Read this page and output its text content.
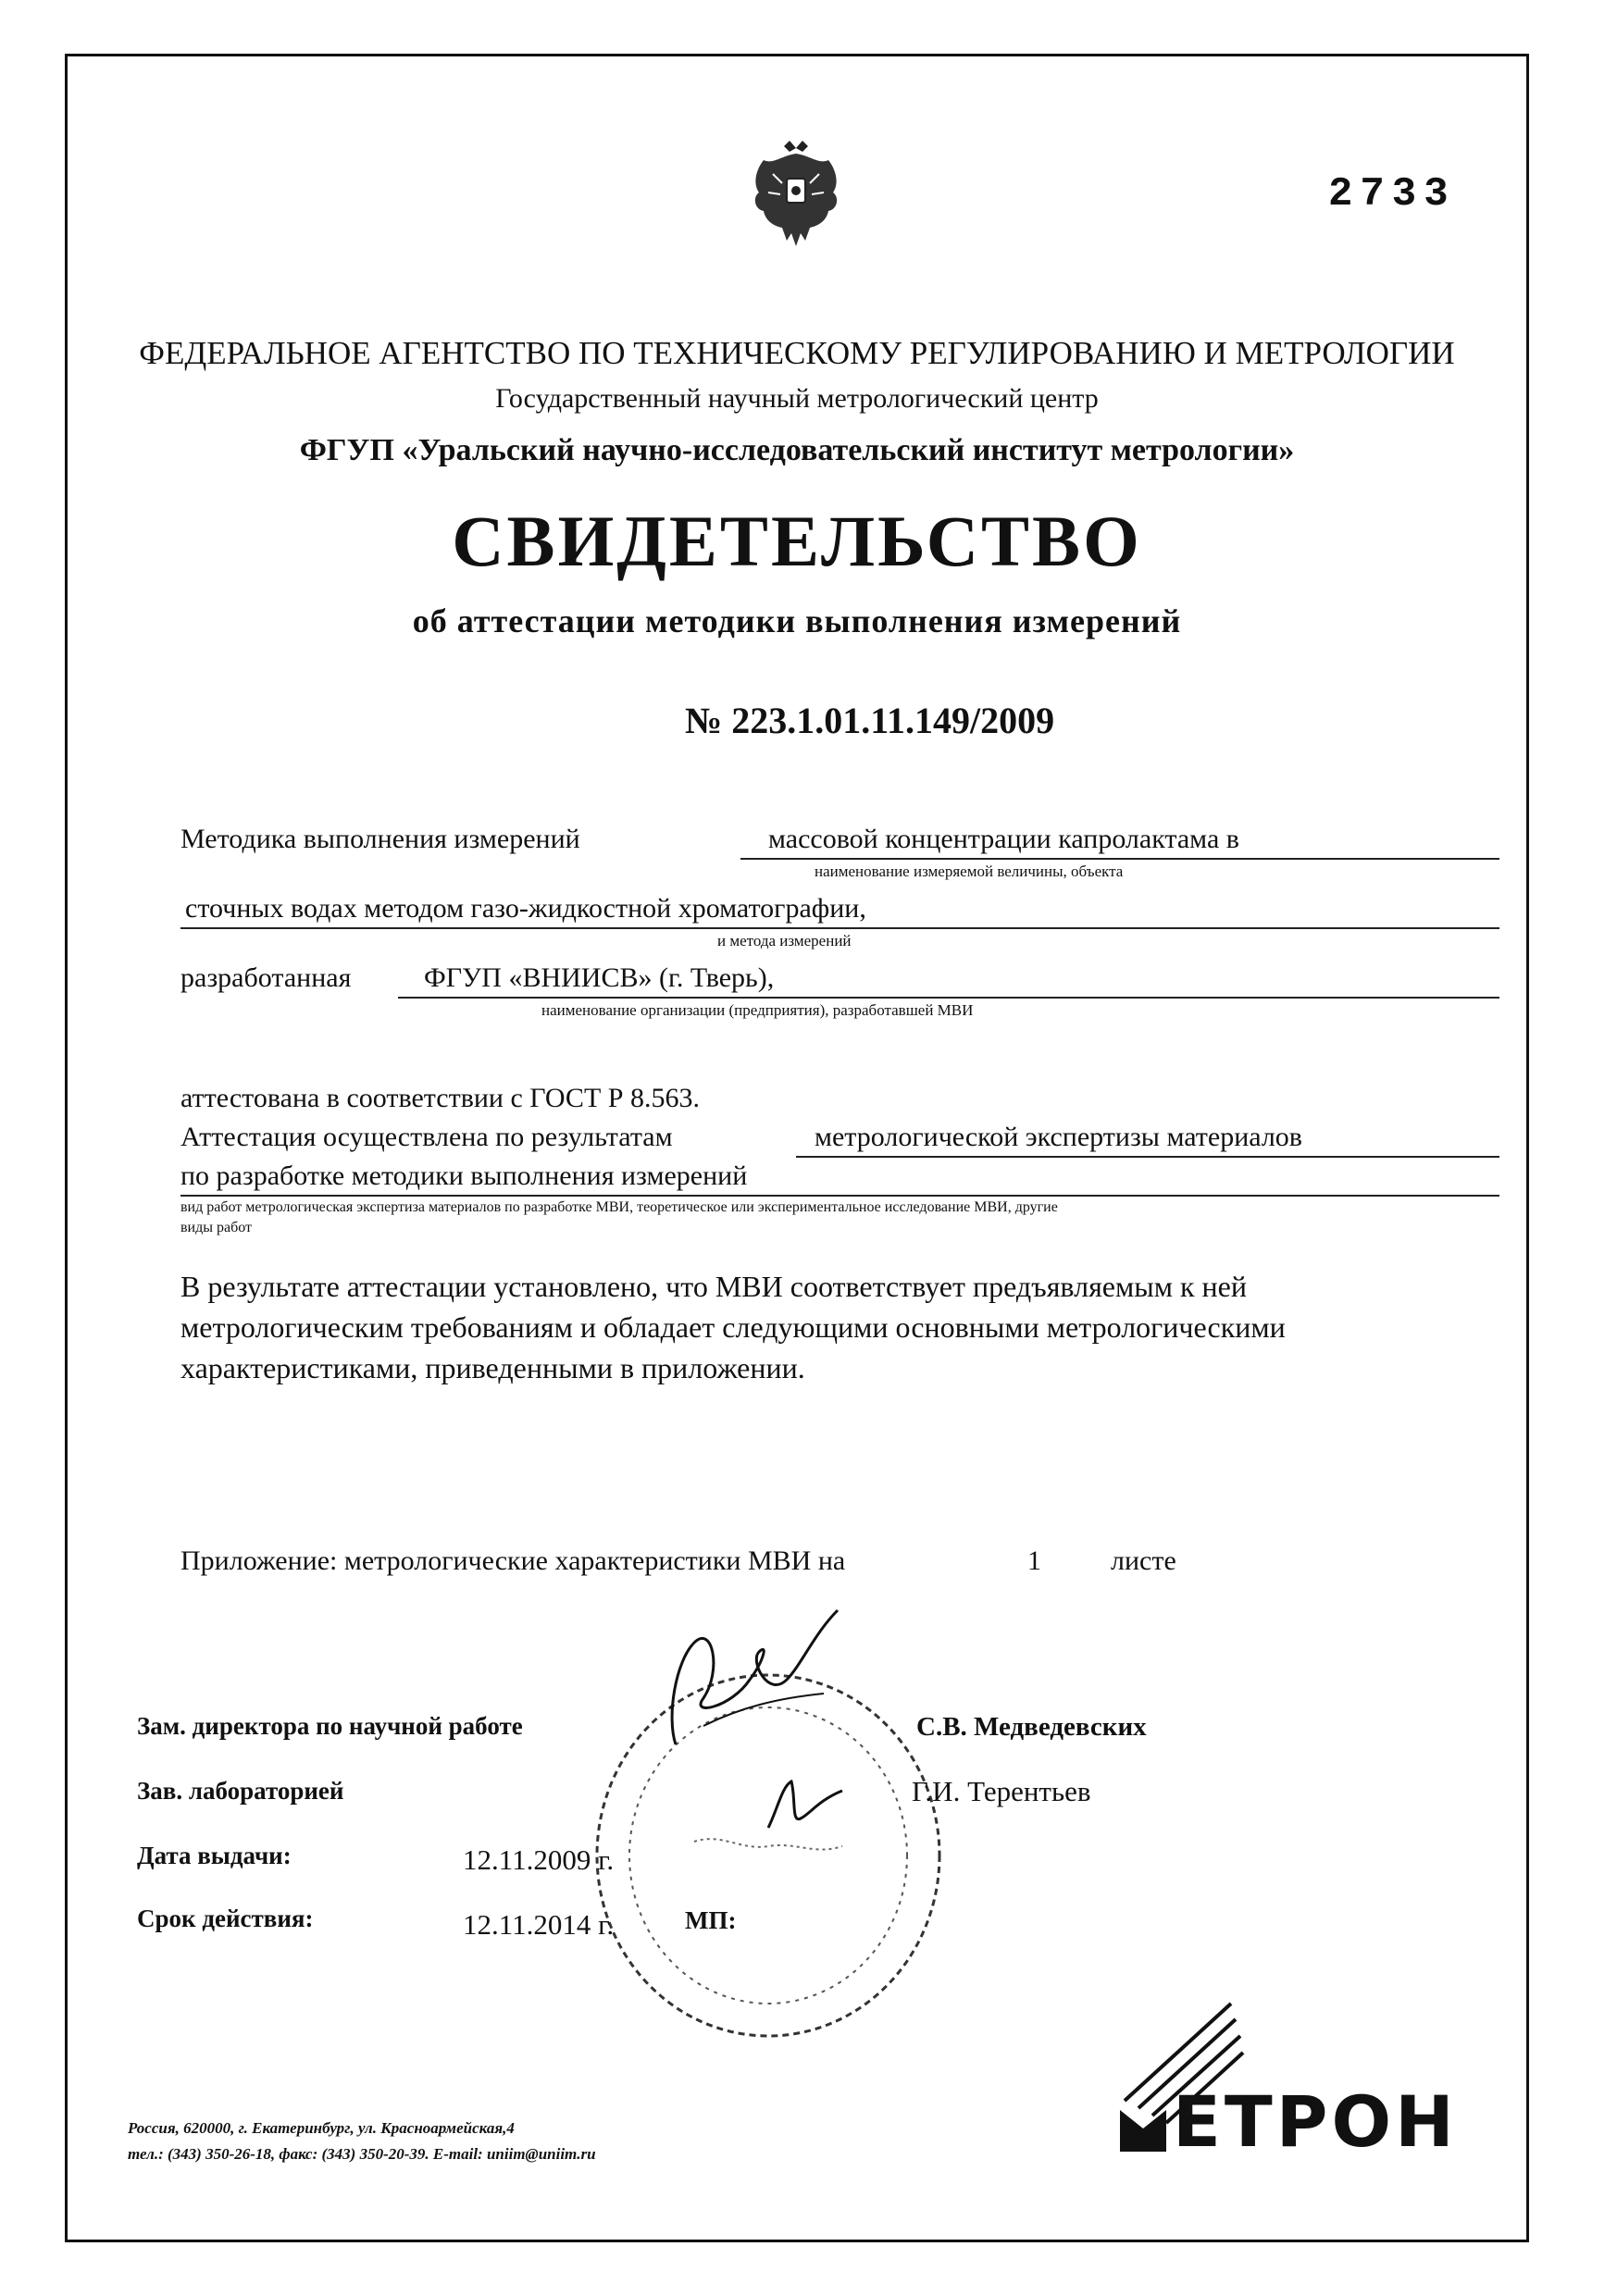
2733
ФЕДЕРАЛЬНОЕ АГЕНТСТВО ПО ТЕХНИЧЕСКОМУ РЕГУЛИРОВАНИЮ И МЕТРОЛОГИИ
Государственный научный метрологический центр
ФГУП «Уральский научно-исследовательский институт метрологии»
СВИДЕТЕЛЬСТВО
об аттестации методики выполнения измерений
№ 223.1.01.11.149/2009
Методика выполнения измерений	массовой концентрации капролактама в
наименование измеряемой величины, объекта
сточных водах методом газо-жидкостной хроматографии,
и метода измерений
разработанная	ФГУП «ВНИИСВ» (г. Тверь),
наименование организации (предприятия), разработавшей МВИ
аттестована в соответствии с ГОСТ Р 8.563.
Аттестация осуществлена по результатам	метрологической экспертизы материалов
по разработке методики выполнения измерений
вид работ метрологическая экспертиза материалов по разработке МВИ, теоретическое или экспериментальное исследование МВИ, другие
виды работ
В результате аттестации установлено, что МВИ соответствует предъявляемым к ней
метрологическим требованиям и обладает следующими основными метрологическими
характеристиками, приведенными в приложении.
Приложение: метрологические характеристики МВИ на	1	листе
Зам. директора по научной работе	С.В. Медведевских
Зав. лабораторией	Г.И. Терентьев
Дата выдачи:	12.11.2009 г.
Срок действия:	12.11.2014 г.	МП:
Россия, 620000, г. Екатеринбург, ул. Красноармейская,4
тел.: (343) 350-26-18, факс: (343) 350-20-39. E-mail: uniim@uniim.ru	ЕТРОН
